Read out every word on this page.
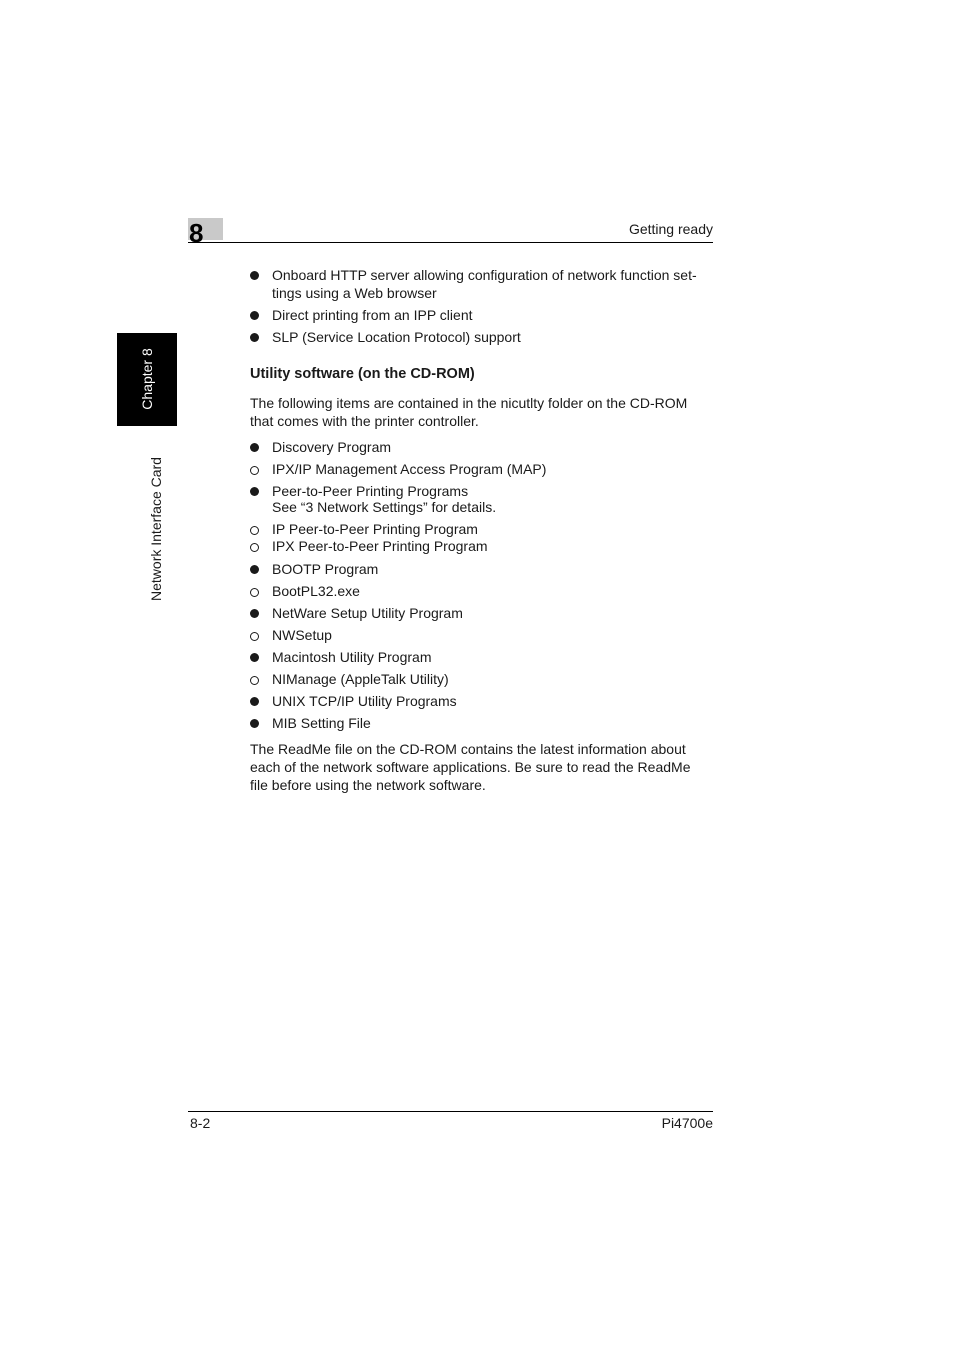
8	Getting ready
Chapter 8
Network Interface Card
Onboard HTTP server allowing configuration of network function set-
tings using a Web browser
Direct printing from an IPP client
SLP (Service Location Protocol) support
Utility software (on the CD-ROM)
The following items are contained in the nicutlty folder on the CD-ROM
that comes with the printer controller.
Discovery Program
IPX/IP Management Access Program (MAP)
Peer-to-Peer Printing Programs
See “3 Network Settings” for details.
IP Peer-to-Peer Printing Program
IPX Peer-to-Peer Printing Program
BOOTP Program
BootPL32.exe
NetWare Setup Utility Program
NWSetup
Macintosh Utility Program
NIManage (AppleTalk Utility)
UNIX TCP/IP Utility Programs
MIB Setting File
The ReadMe file on the CD-ROM contains the latest information about
each of the network software applications. Be sure to read the ReadMe
file before using the network software.
8-2	Pi4700e
